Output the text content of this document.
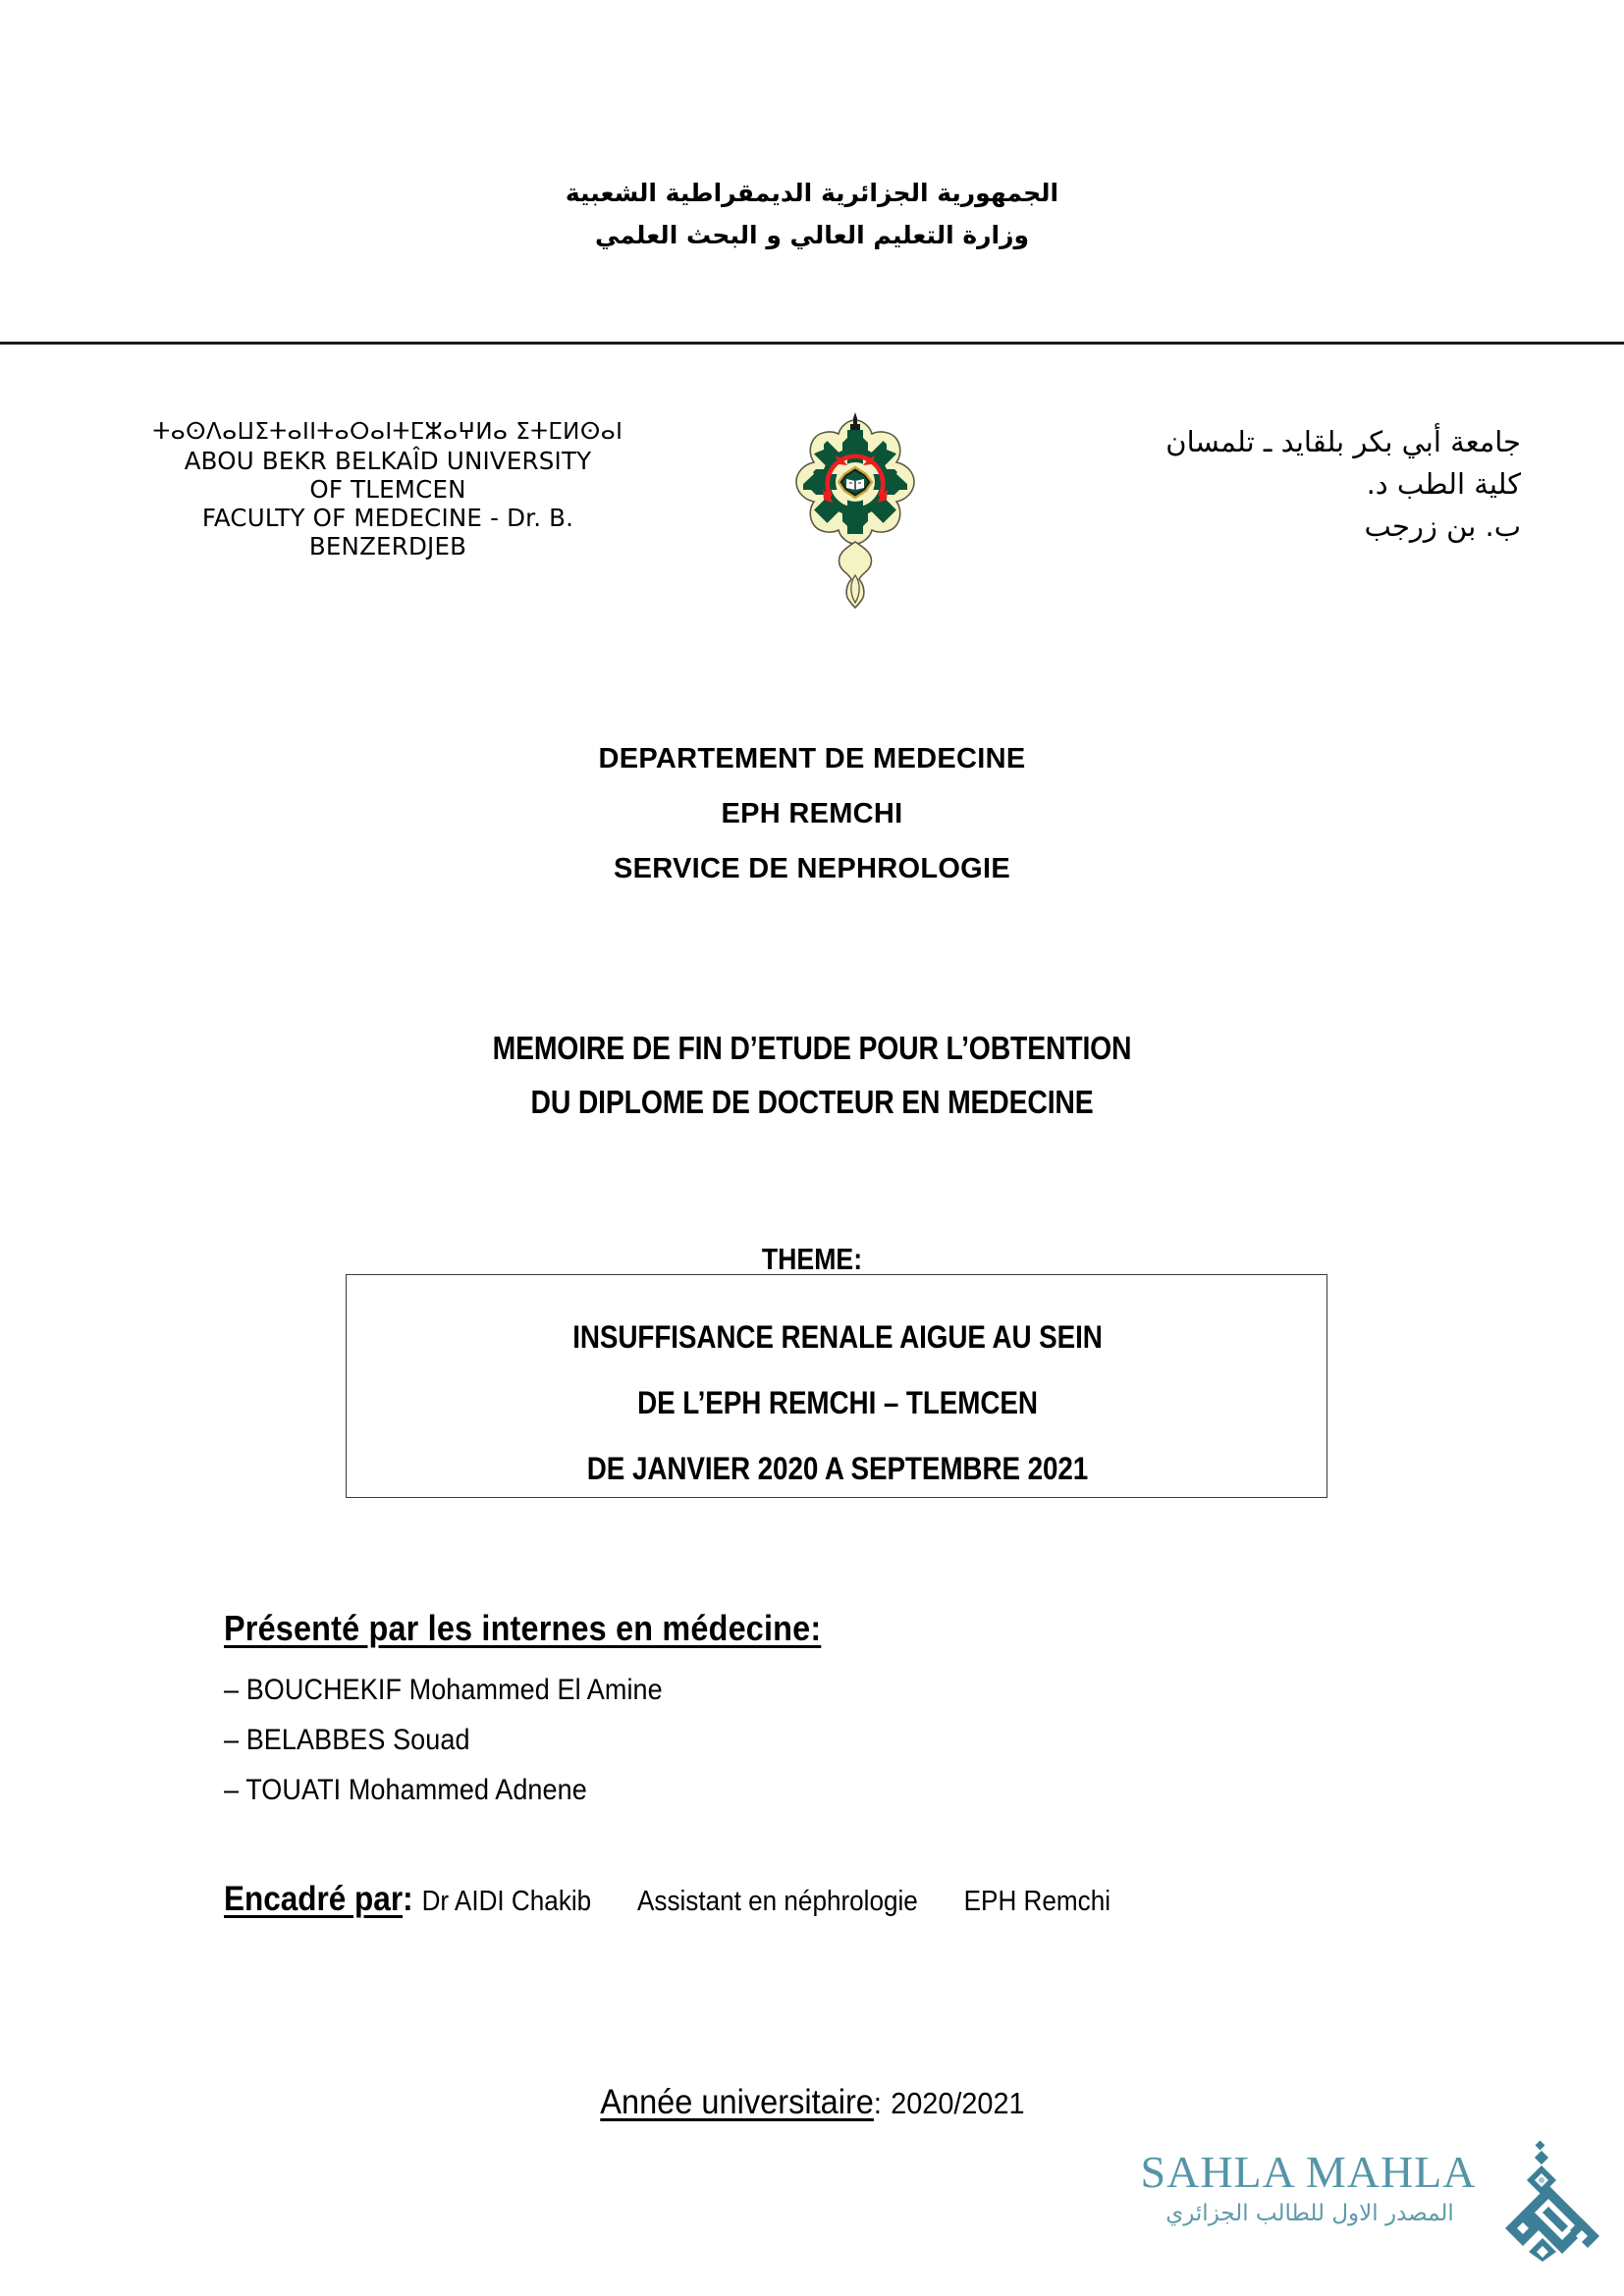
الجمهورية الجزائرية الديمقراطية الشعبية
وزارة التعليم العالي و البحث العلمي
ⵜⴰⵙⴷⴰⵡⵉⵜⴰⵏⵏⵜⴰⵔⴰⵏⵜⵎⵣⴰⵖⵍⴰ ⵉⵜⵎⵍⵙⴰⵏ
ABOU BEKR BELKAÎD UNIVERSITY
OF TLEMCEN
FACULTY OF MEDECINE - Dr. B.
BENZERDJEB
جامعة أبي بكر بلقايد ـ تلمسان
كلية الطب د.
ب. بن زرجب
DEPARTEMENT DE MEDECINE
EPH REMCHI
SERVICE DE NEPHROLOGIE
MEMOIRE DE FIN D’ETUDE POUR L’OBTENTION
DU DIPLOME DE DOCTEUR EN MEDECINE
THEME:
INSUFFISANCE RENALE AIGUE AU SEIN
DE L’EPH REMCHI – TLEMCEN
DE JANVIER 2020 A SEPTEMBRE 2021
Présenté par les internes en médecine:
– BOUCHEKIF Mohammed El Amine
– BELABBES Souad
– TOUATI Mohammed Adnene
Encadré par: Dr AIDI Chakib Assistant en néphrologie EPH Remchi
Année universitaire: 2020/2021
SAHLA MAHLA
المصدر الاول للطالب الجزائري
